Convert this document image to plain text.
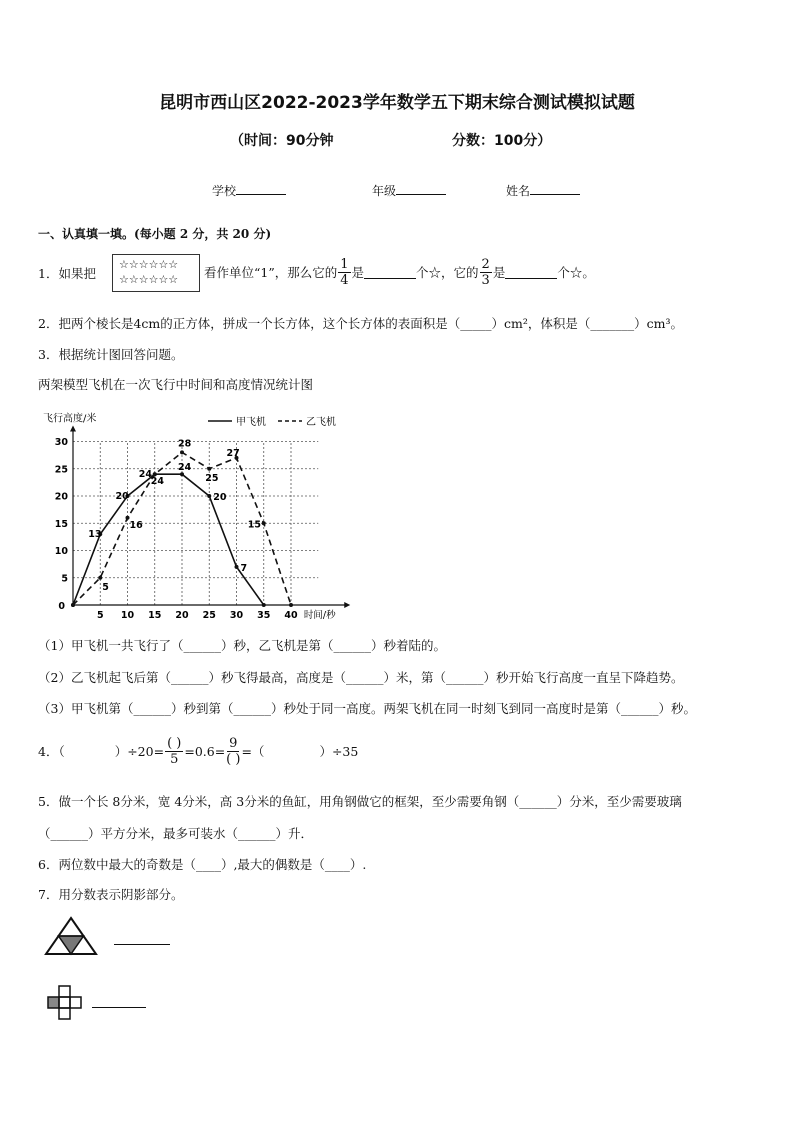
昆明市西山区2022-2023学年数学五下期末综合测试模拟试题
（时间：90分钟	分数：100分）
学校	年级	姓名
一、认真填一填。(每小题 2 分，共 20 分)
1．如果把
☆☆☆☆☆☆
☆☆☆☆☆☆	看作单位“1”，那么它的 $\frac{1}{4}$ 是	个☆，它的 $\frac{2}{3}$ 是	个☆。
2．把两个棱长是4cm的正方体，拼成一个长方体，这个长方体的表面积是（_____）cm²，体积是（_______）cm³。
3．根据统计图回答问题。
两架模型飞机在一次飞行中时间和高度情况统计图
5 10 15 20 25 30 35 40
5
10
15
20
25
30
0
飞行高度/米
时间/秒
甲飞机	乙飞机
13
20
24
24
20
7
5
16
24
28
25
27
15
（1）甲飞机一共飞行了（______）秒，乙飞机是第（______）秒着陆的。
（2）乙飞机起飞后第（______）秒飞得最高，高度是（______）米，第（______）秒开始飞行高度一直呈下降趋势。
（3）甲飞机第（______）秒到第（______）秒处于同一高度。两架飞机在同一时刻飞到同一高度时是第（______）秒。
4．（	）$\div 20= \frac{( )}{5} =0.6= \frac{9}{( )}$ =（	）÷35
5．做一个长 8分米，宽 4分米，高 3分米的鱼缸，用角钢做它的框架，至少需要角钢（______）分米，至少需要玻璃
（______）平方分米，最多可装水（______）升．
6．两位数中最大的奇数是（____）,最大的偶数是（____）.
7．用分数表示阴影部分。
